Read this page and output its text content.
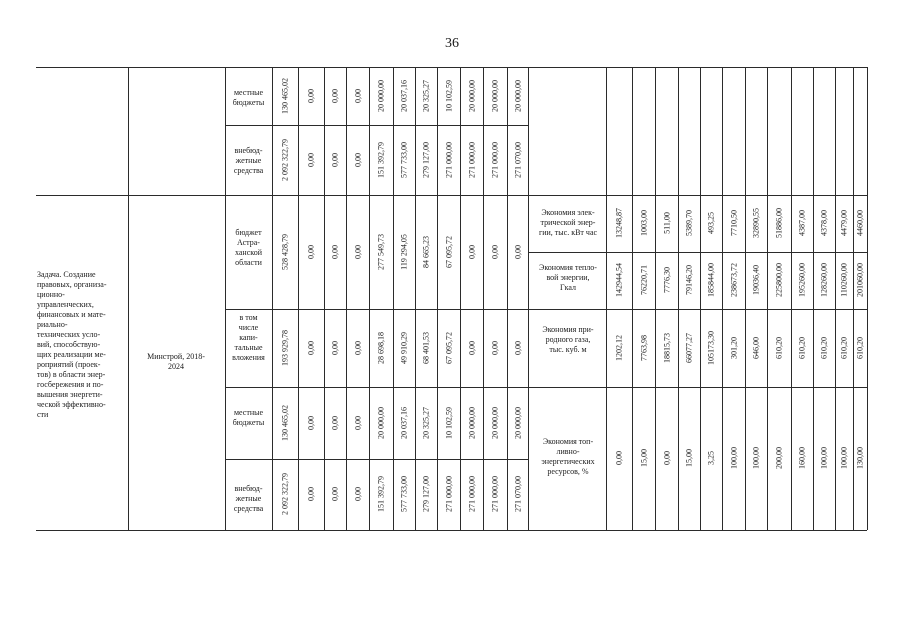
36
130 465,02 0,00 0,00 0,00 20 000,00 20 037,16 20 325,27 10 102,59 20 000,00 20 000,00 20 000,00
2 092 322,79 0,00 0,00 0,00 151 392,79 577 733,00 279 127,00 271 000,00 271 000,00 271 000,00 271 070,00
528 428,79 0,00 0,00 0,00 277 549,73 119 294,05 84 665,23 67 095,72 0,00 0,00 0,00
193 929,78 0,00 0,00 0,00 28 698,18 49 910,29 68 401,53 67 095,72 0,00 0,00 0,00
130 465,02 0,00 0,00 0,00 20 000,00 20 037,16 20 325,27 10 102,59 20 000,00 20 000,00 20 000,00
2 092 322,79 0,00 0,00 0,00 151 392,79 577 733,00 279 127,00 271 000,00 271 000,00 271 000,00 271 070,00
13248,87 1003,00 511,00 5389,70 493,25 7710,50 32890,55 51886,00 4387,00 4378,00 4479,00 4460,00
142944,54 76220,71 7776,30 79146,20 185844,00 238673,72 19036,40 225800,00 195260,00 128260,00 110260,00 201060,00
1202,12 7763,98 18815,73 66077,27 105173,30 301,20 646,00 610,20 610,20 610,20 610,20 610,20
0,00 15,00 0,00 15,00 3,25 100,00 100,00 200,00 160,00 100,00 100,00 130,00
Задача. Создание
правовых, организа-
ционно-
управленческих,
финансовых и мате-
риально-
технических усло-
вий, способствую-
щих реализации ме-
роприятий (проек-
тов) в области энер-
госбережения и по-
вышения энергети-
ческой эффективно-
сти
Минстрой, 2018-
2024
местные
бюджеты
внебюд-
жетные
средства
бюджет
Астра-
ханской
области
в том
числе
капи-
тальные
вложения
местные
бюджеты
внебюд-
жетные
средства
Экономия элек-
трической энер-
гии, тыс. кВт час
Экономия тепло-
вой энергии,
Гкал
Экономия при-
родного газа,
тыс. куб. м
Экономия топ-
ливно-
энергетических
ресурсов, %
